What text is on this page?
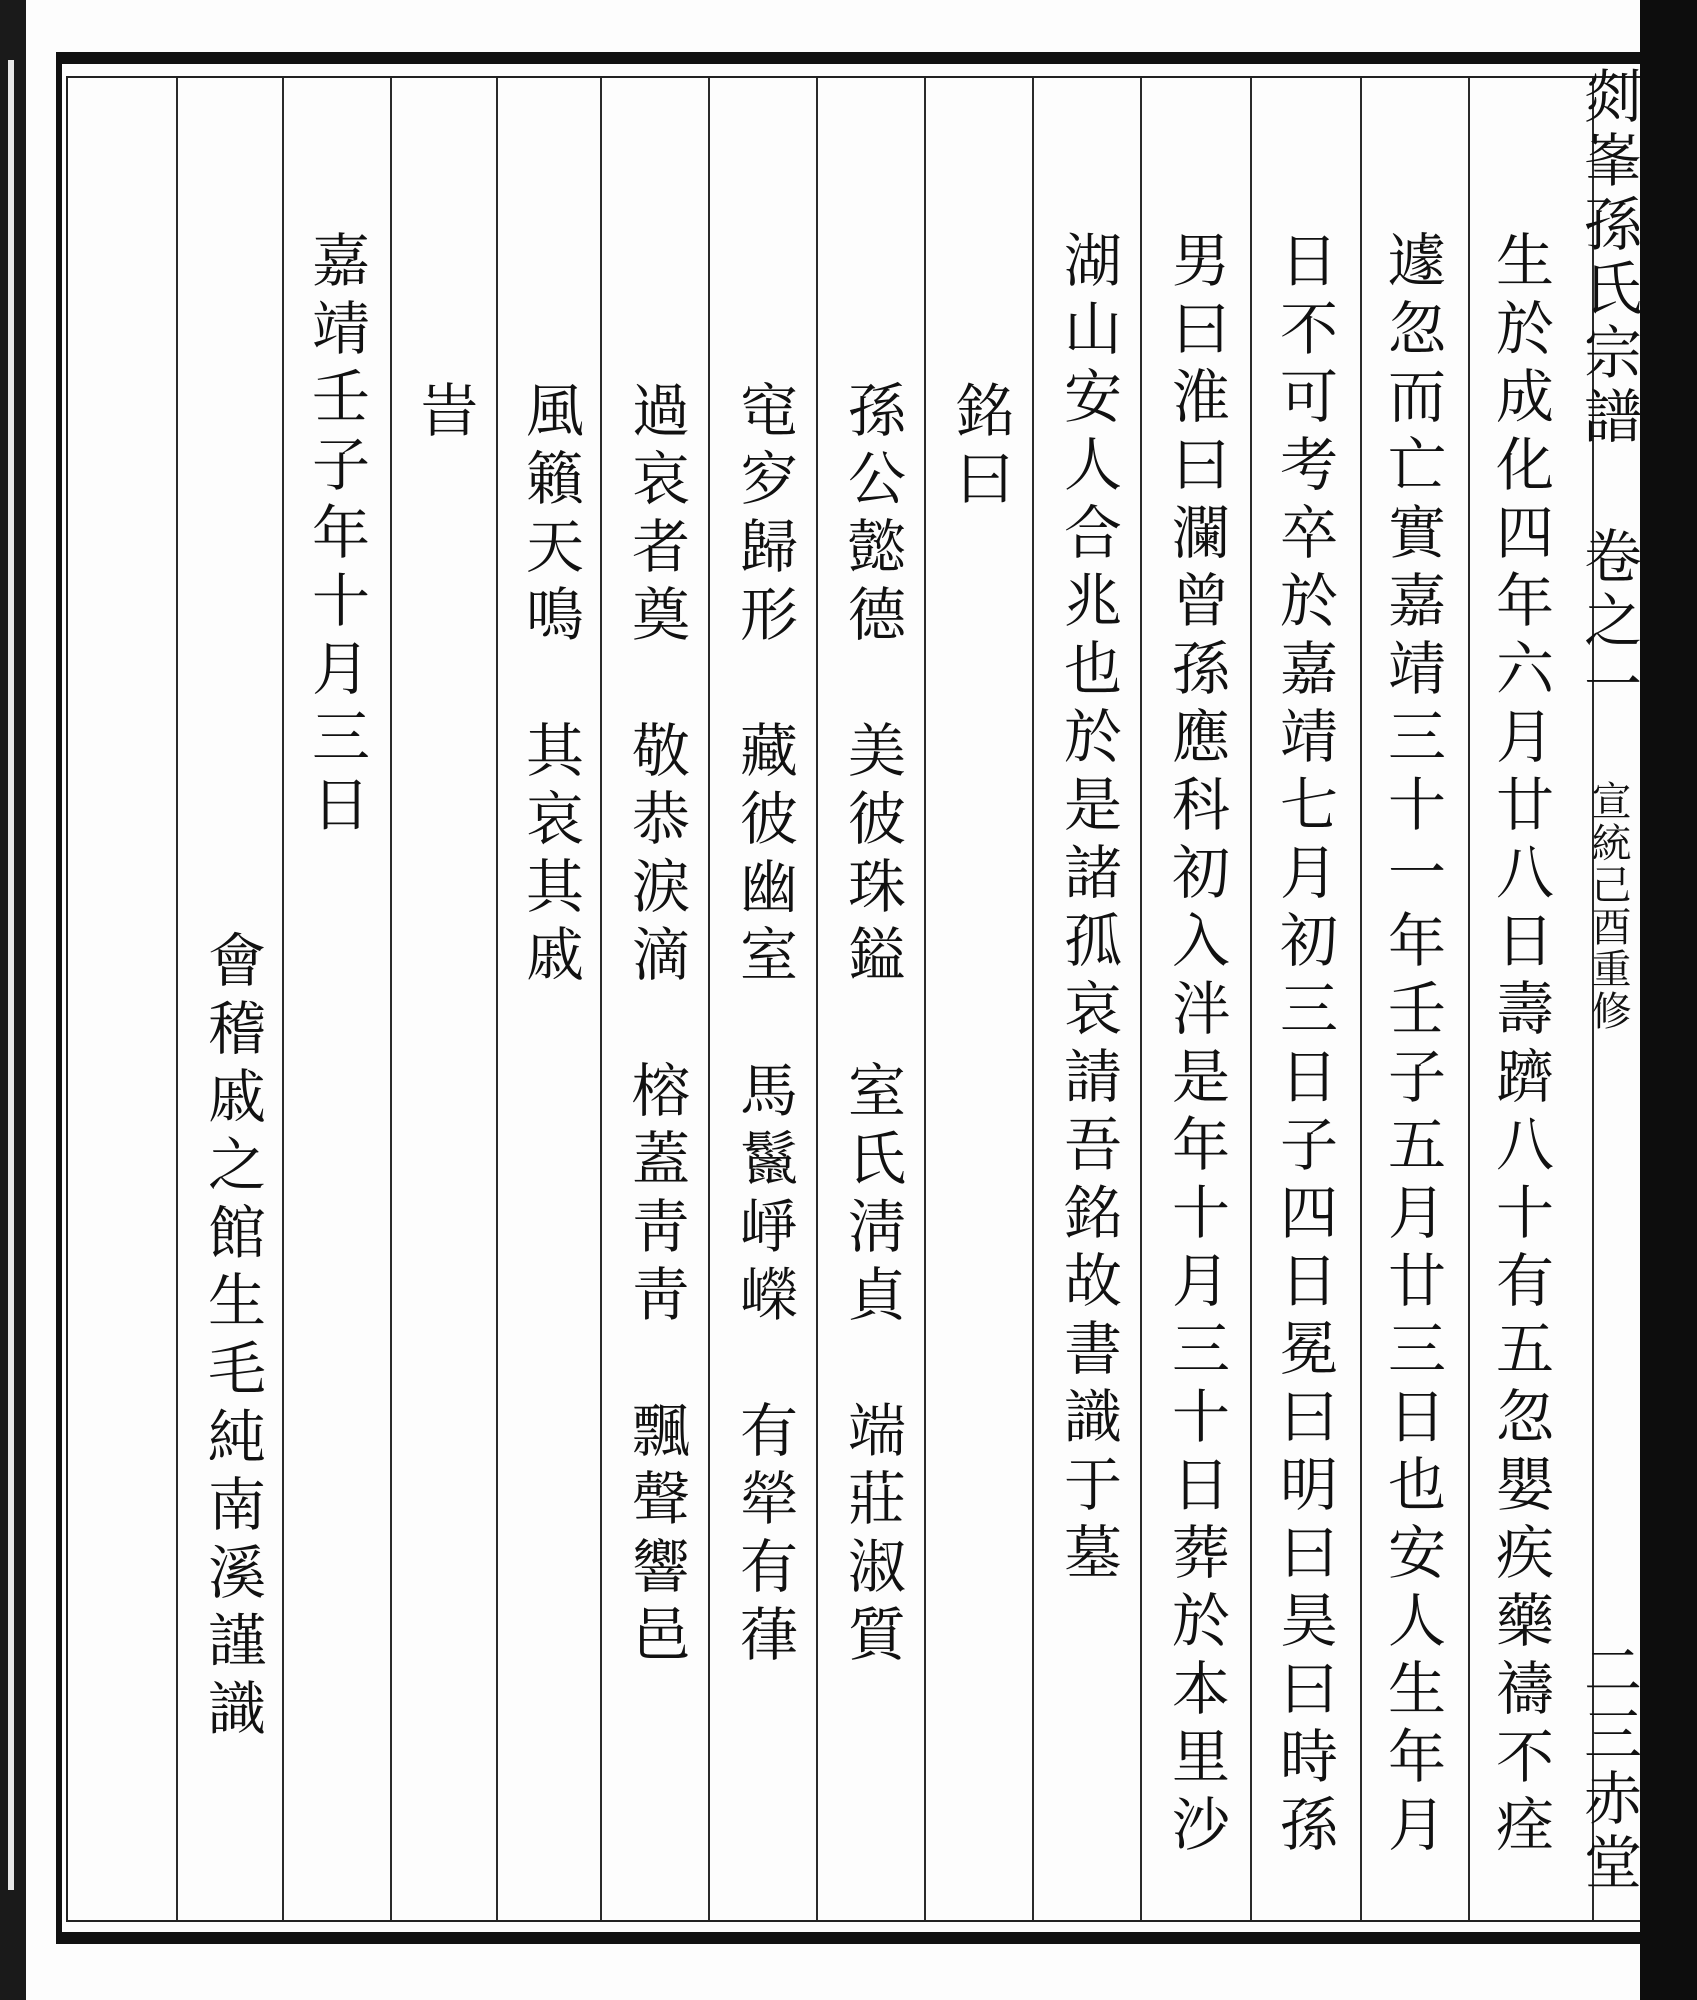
剡峯孫氏宗譜
卷之一
宣統己酉重修
二三赤堂
生於成化四年六月廿八日壽躋八十有五忽嬰疾藥禱不痊
遽忽而亡實嘉靖三十一年壬子五月廿三日也安人生年月
日不可考卒於嘉靖七月初三日子四日冕曰明曰昊曰時孫
男曰淮曰瀾曾孫應科初入泮是年十月三十日葬於本里沙
湖山安人合兆也於是諸孤哀請吾銘故書識于墓
銘曰
孫公懿德　美彼珠鎰　室氏淸貞　端莊淑質
窀穸歸形　藏彼幽室　馬鬣崢嶸　有犖有葎
過哀者奠　敬恭淚滴　榕蓋靑靑　飄聲響邑
風籟天鳴　其哀其戚
旹
嘉靖壬子年十月三日
會稽戚之館生毛純南溪謹識
